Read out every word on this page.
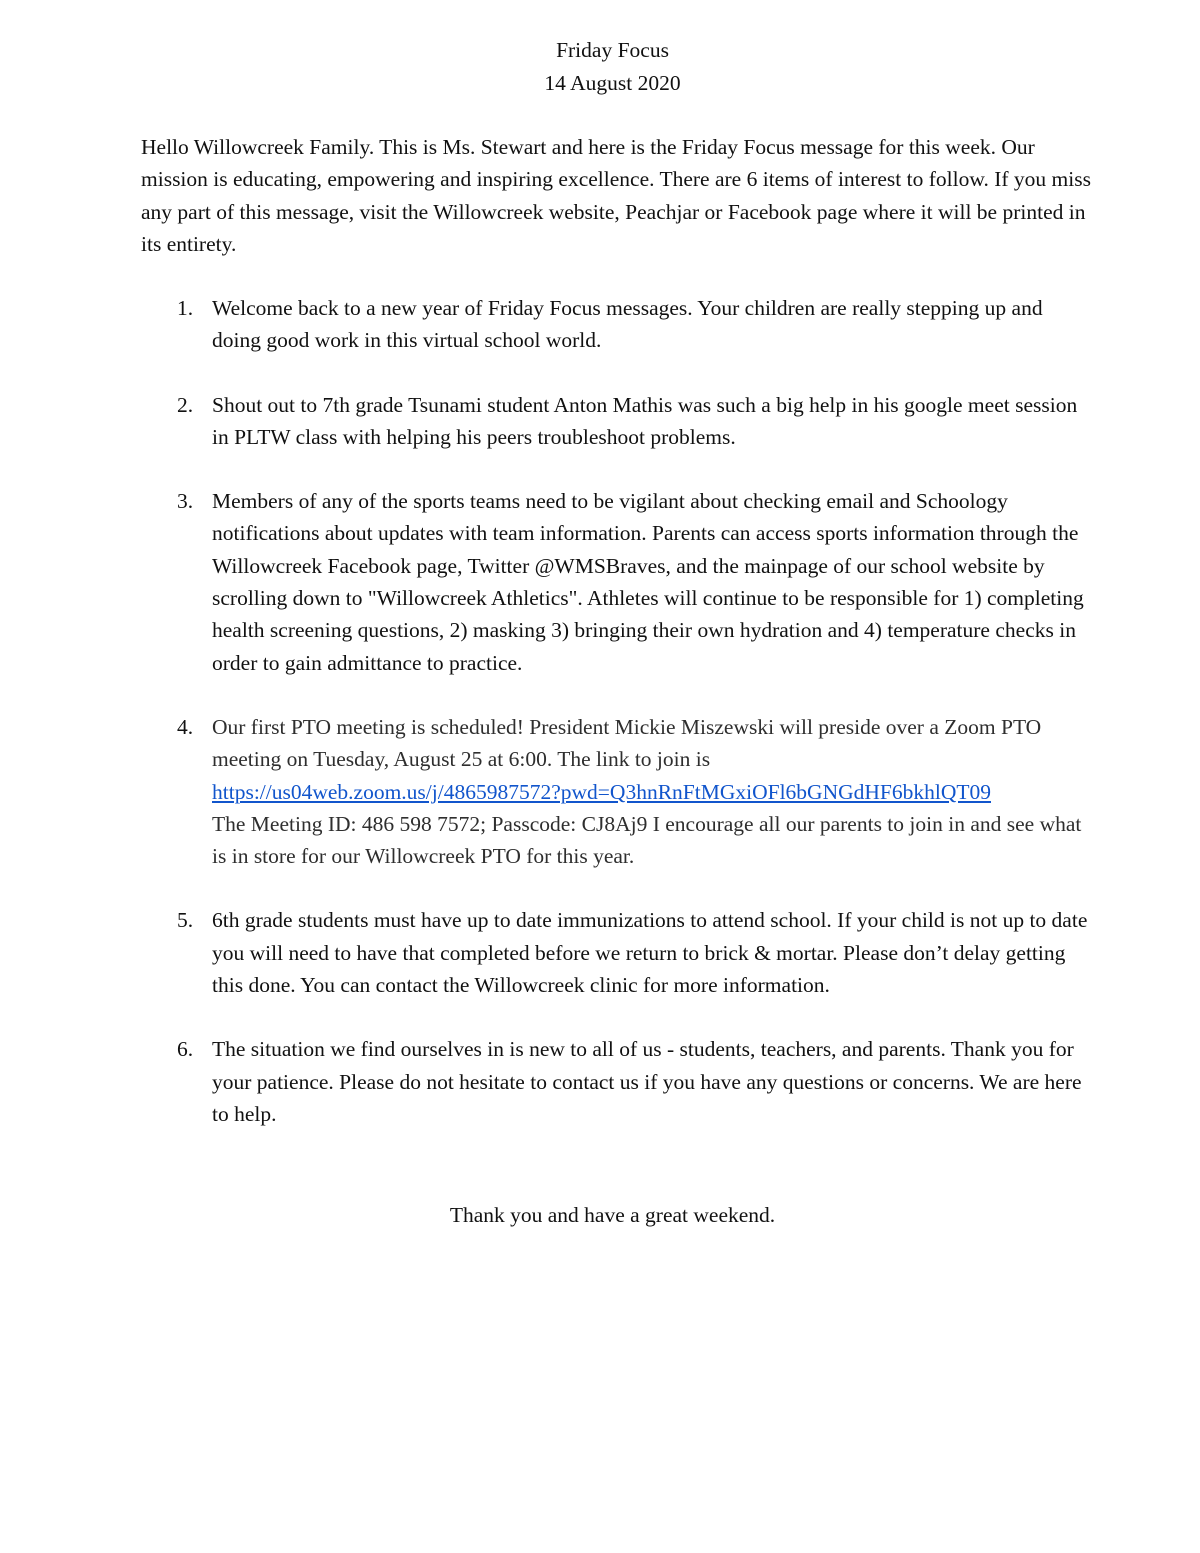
Friday Focus
14 August 2020

Hello Willowcreek Family. This is Ms. Stewart and here is the Friday Focus message for this week. Our mission is educating, empowering and inspiring excellence. There are 6 items of interest to follow. If you miss any part of this message, visit the Willowcreek website, Peachjar or Facebook page where it will be printed in its entirety.

1. Welcome back to a new year of Friday Focus messages. Your children are really stepping up and doing good work in this virtual school world.

2. Shout out to 7th grade Tsunami student Anton Mathis was such a big help in his google meet session in PLTW class with helping his peers troubleshoot problems.

3. Members of any of the sports teams need to be vigilant about checking email and Schoology notifications about updates with team information. Parents can access sports information through the Willowcreek Facebook page, Twitter @WMSBraves, and the mainpage of our school website by scrolling down to "Willowcreek Athletics". Athletes will continue to be responsible for 1) completing health screening questions, 2) masking 3) bringing their own hydration and 4) temperature checks in order to gain admittance to practice.

4. Our first PTO meeting is scheduled! President Mickie Miszewski will preside over a Zoom PTO meeting on Tuesday, August 25 at 6:00. The link to join is

https://us04web.zoom.us/j/4865987572?pwd=Q3hnRnFtMGxiOFl6bGNGdHF6bkhlQT09

The Meeting ID: 486 598 7572; Passcode: CJ8Aj9 I encourage all our parents to join in and see what is in store for our Willowcreek PTO for this year.

5. 6th grade students must have up to date immunizations to attend school. If your child is not up to date you will need to have that completed before we return to brick & mortar. Please don’t delay getting this done. You can contact the Willowcreek clinic for more information.

6. The situation we find ourselves in is new to all of us - students, teachers, and parents. Thank you for your patience. Please do not hesitate to contact us if you have any questions or concerns. We are here to help.

Thank you and have a great weekend.
